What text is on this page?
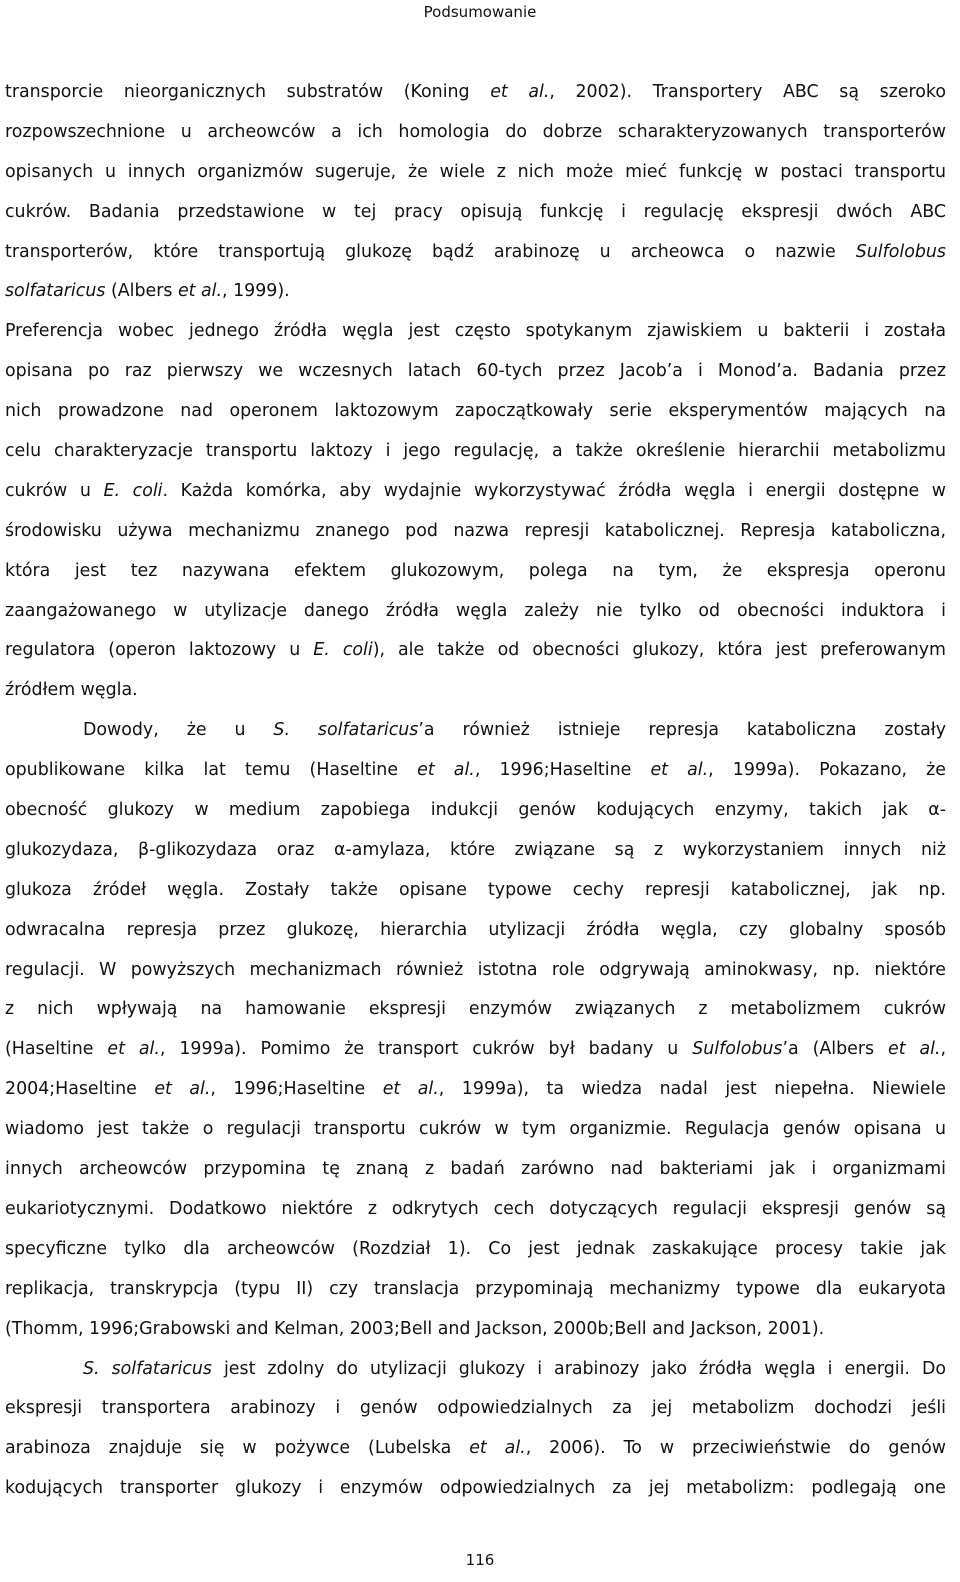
Podsumowanie
transporcie nieorganicznych substratów (Koning et al., 2002). Transportery ABC są szeroko
rozpowszechnione u archeowców a ich homologia do dobrze scharakteryzowanych transporterów
opisanych u innych organizmów sugeruje, że wiele z nich może mieć funkcję w postaci transportu
cukrów. Badania przedstawione w tej pracy opisują funkcję i regulację ekspresji dwóch ABC
transporterów, które transportują glukozę bądź arabinozę u archeowca o nazwie Sulfolobus
solfataricus (Albers et al., 1999).
Preferencja wobec jednego źródła węgla jest często spotykanym zjawiskiem u bakterii i została
opisana po raz pierwszy we wczesnych latach 60-tych przez Jacob’a i Monod’a. Badania przez
nich prowadzone nad operonem laktozowym zapoczątkowały serie eksperymentów mających na
celu charakteryzacje transportu laktozy i jego regulację, a także określenie hierarchii metabolizmu
cukrów u E. coli. Każda komórka, aby wydajnie wykorzystywać źródła węgla i energii dostępne w
środowisku używa mechanizmu znanego pod nazwa represji katabolicznej. Represja kataboliczna,
która jest tez nazywana efektem glukozowym, polega na tym, że ekspresja operonu
zaangażowanego w utylizacje danego źródła węgla zależy nie tylko od obecności induktora i
regulatora (operon laktozowy u E. coli), ale także od obecności glukozy, która jest preferowanym
źródłem węgla.
Dowody, że u S. solfataricus’a również istnieje represja kataboliczna zostały
opublikowane kilka lat temu (Haseltine et al., 1996;Haseltine et al., 1999a). Pokazano, że
obecność glukozy w medium zapobiega indukcji genów kodujących enzymy, takich jak α-
glukozydaza, β-glikozydaza oraz α-amylaza, które związane są z wykorzystaniem innych niż
glukoza źródeł węgla. Zostały także opisane typowe cechy represji katabolicznej, jak np.
odwracalna represja przez glukozę, hierarchia utylizacji źródła węgla, czy globalny sposób
regulacji. W powyższych mechanizmach również istotna role odgrywają aminokwasy, np. niektóre
z nich wpływają na hamowanie ekspresji enzymów związanych z metabolizmem cukrów
(Haseltine et al., 1999a). Pomimo że transport cukrów był badany u Sulfolobus’a (Albers et al.,
2004;Haseltine et al., 1996;Haseltine et al., 1999a), ta wiedza nadal jest niepełna. Niewiele
wiadomo jest także o regulacji transportu cukrów w tym organizmie. Regulacja genów opisana u
innych archeowców przypomina tę znaną z badań zarówno nad bakteriami jak i organizmami
eukariotycznymi. Dodatkowo niektóre z odkrytych cech dotyczących regulacji ekspresji genów są
specyficzne tylko dla archeowców (Rozdział 1). Co jest jednak zaskakujące procesy takie jak
replikacja, transkrypcja (typu II) czy translacja przypominają mechanizmy typowe dla eukaryota
(Thomm, 1996;Grabowski and Kelman, 2003;Bell and Jackson, 2000b;Bell and Jackson, 2001).
S. solfataricus jest zdolny do utylizacji glukozy i arabinozy jako źródła węgla i energii. Do
ekspresji transportera arabinozy i genów odpowiedzialnych za jej metabolizm dochodzi jeśli
arabinoza znajduje się w pożywce (Lubelska et al., 2006). To w przeciwieństwie do genów
kodujących transporter glukozy i enzymów odpowiedzialnych za jej metabolizm: podlegają one
116
